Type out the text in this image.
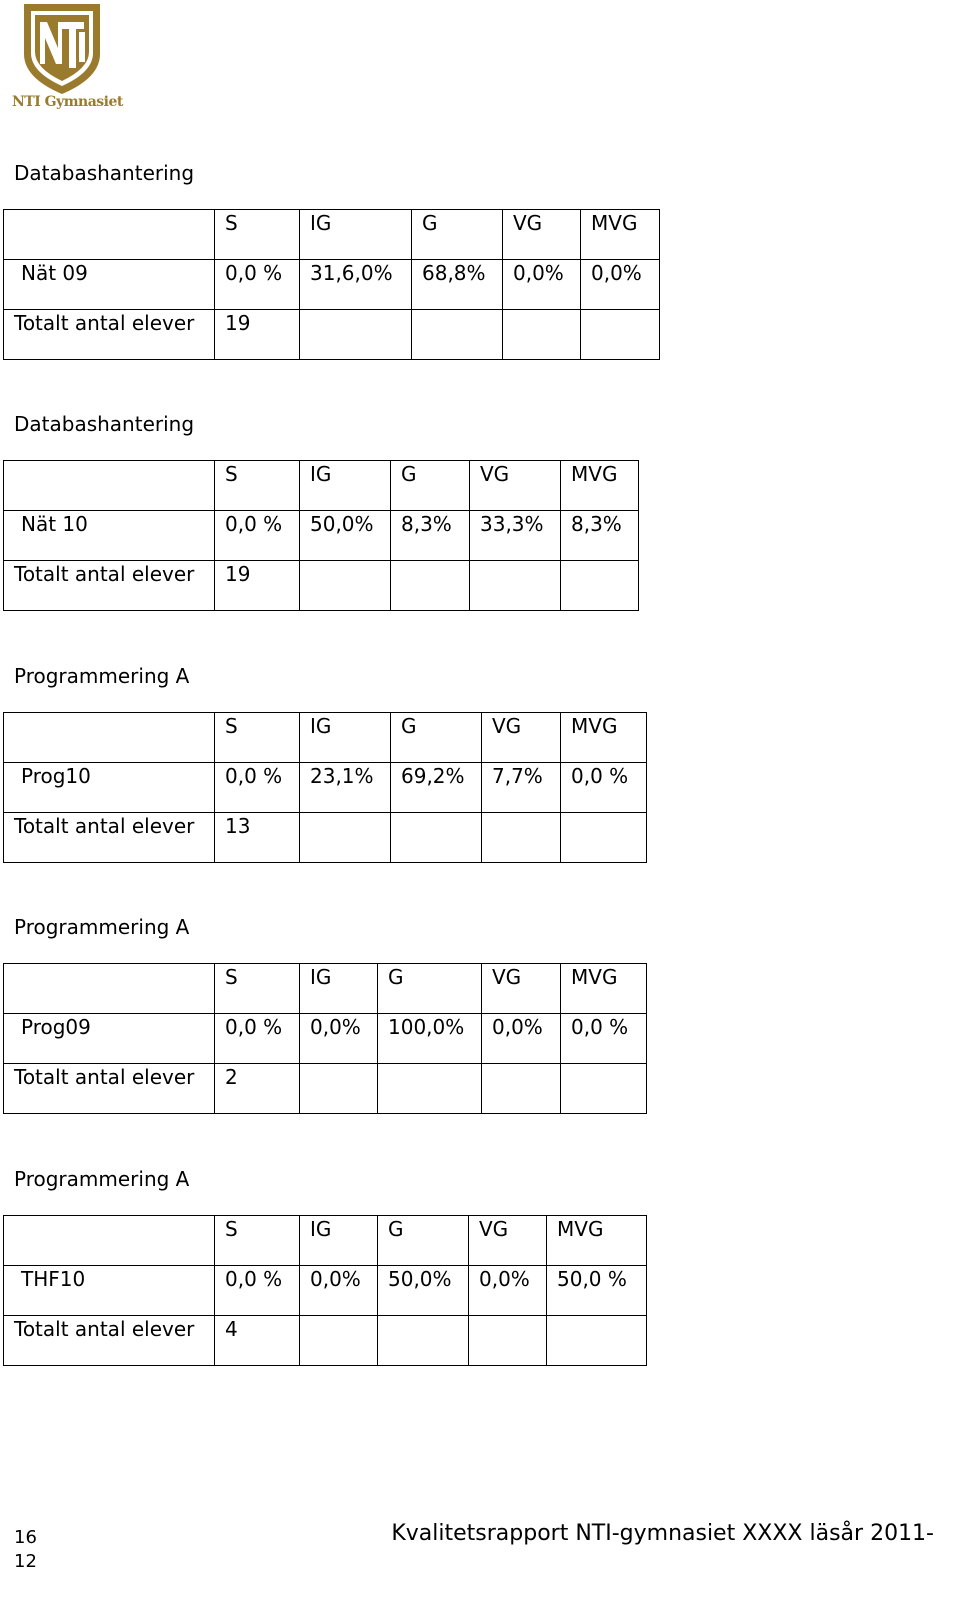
NTI Gymnasiet
Databashantering
	S	IG	G	VG	MVG
Nät 09	0,0 %	31,6,0%	68,8%	0,0%	0,0%
Totalt antal elever	19				
Databashantering
	S	IG	G	VG	MVG
Nät 10	0,0 %	50,0%	8,3%	33,3%	8,3%
Totalt antal elever	19				
Programmering A
	S	IG	G	VG	MVG
Prog10	0,0 %	23,1%	69,2%	7,7%	0,0 %
Totalt antal elever	13				
Programmering A
	S	IG	G	VG	MVG
Prog09	0,0 %	0,0%	100,0%	0,0%	0,0 %
Totalt antal elever	2				
Programmering A
	S	IG	G	VG	MVG
THF10	0,0 %	0,0%	50,0%	0,0%	50,0 %
Totalt antal elever	4				
16 12
Kvalitetsrapport NTI-gymnasiet XXXX läsår 2011-
